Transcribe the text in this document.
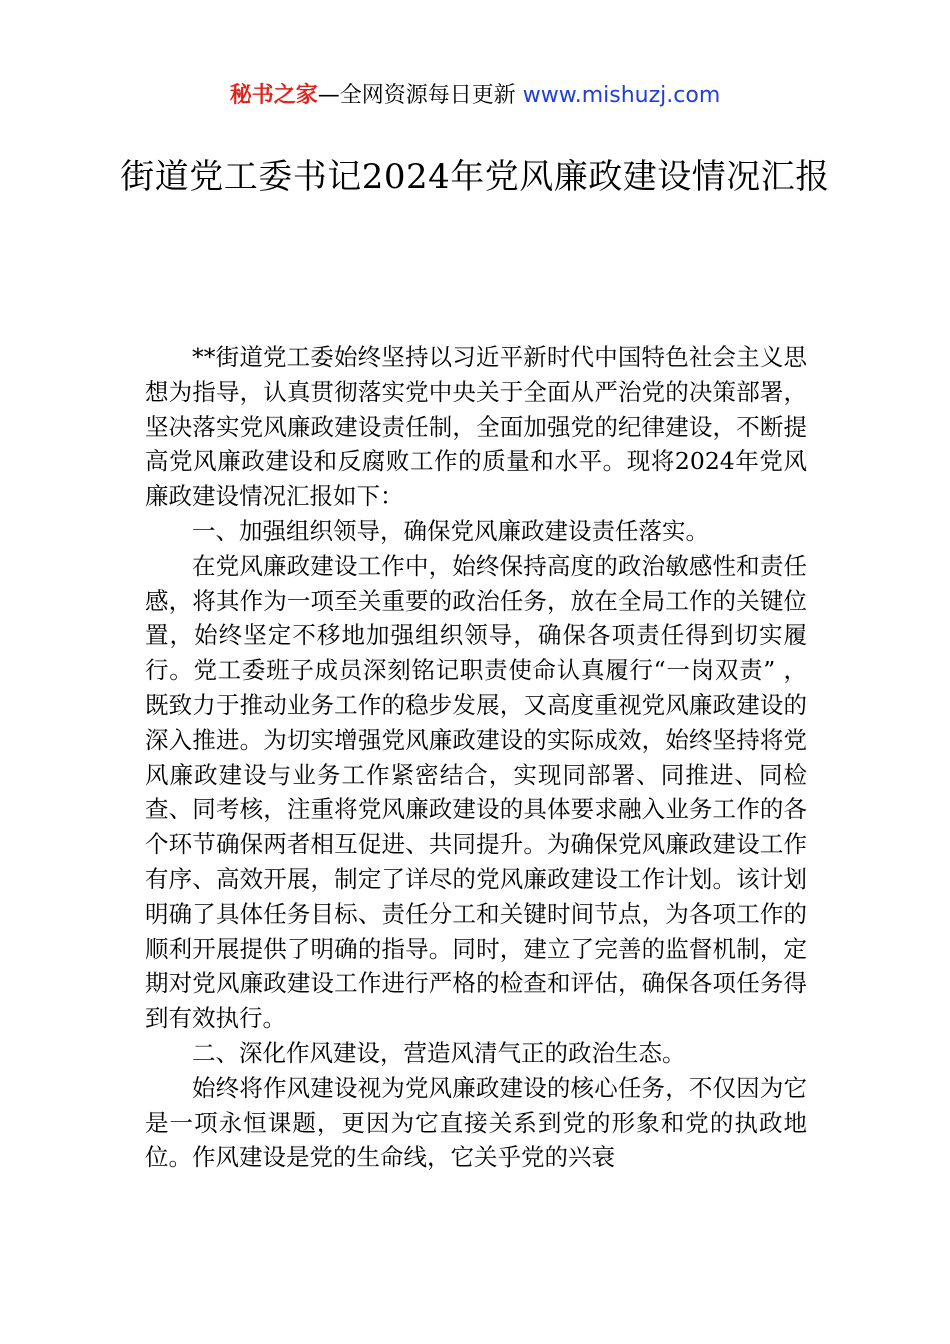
秘书之家—全网资源每日更新 www.mishuzj.com
街道党工委书记2024年党风廉政建设情况汇报

**街道党工委始终坚持以习近平新时代中国特色社会主义思想为指导，认真贯彻落实党中央关于全面从严治党的决策部署，坚决落实党风廉政建设责任制，全面加强党的纪律建设，不断提高党风廉政建设和反腐败工作的质量和水平。现将2024年党风廉政建设情况汇报如下：

一、加强组织领导，确保党风廉政建设责任落实。

在党风廉政建设工作中，始终保持高度的政治敏感性和责任感，将其作为一项至关重要的政治任务，放在全局工作的关键位置，始终坚定不移地加强组织领导，确保各项责任得到切实履行。党工委班子成员深刻铭记职责使命认真履行“一岗双责” ，既致力于推动业务工作的稳步发展，又高度重视党风廉政建设的深入推进。为切实增强党风廉政建设的实际成效，始终坚持将党风廉政建设与业务工作紧密结合，实现同部署、同推进、同检查、同考核，注重将党风廉政建设的具体要求融入业务工作的各个环节确保两者相互促进、共同提升。为确保党风廉政建设工作有序、高效开展，制定了详尽的党风廉政建设工作计划。该计划明确了具体任务目标、责任分工和关键时间节点，为各项工作的顺利开展提供了明确的指导。同时，建立了完善的监督机制，定期对党风廉政建设工作进行严格的检查和评估，确保各项任务得到有效执行。

二、深化作风建设，营造风清气正的政治生态。

始终将作风建设视为党风廉政建设的核心任务，不仅因为它是一项永恒课题，更因为它直接关系到党的形象和党的执政地位。作风建设是党的生命线，它关乎党的兴衰
